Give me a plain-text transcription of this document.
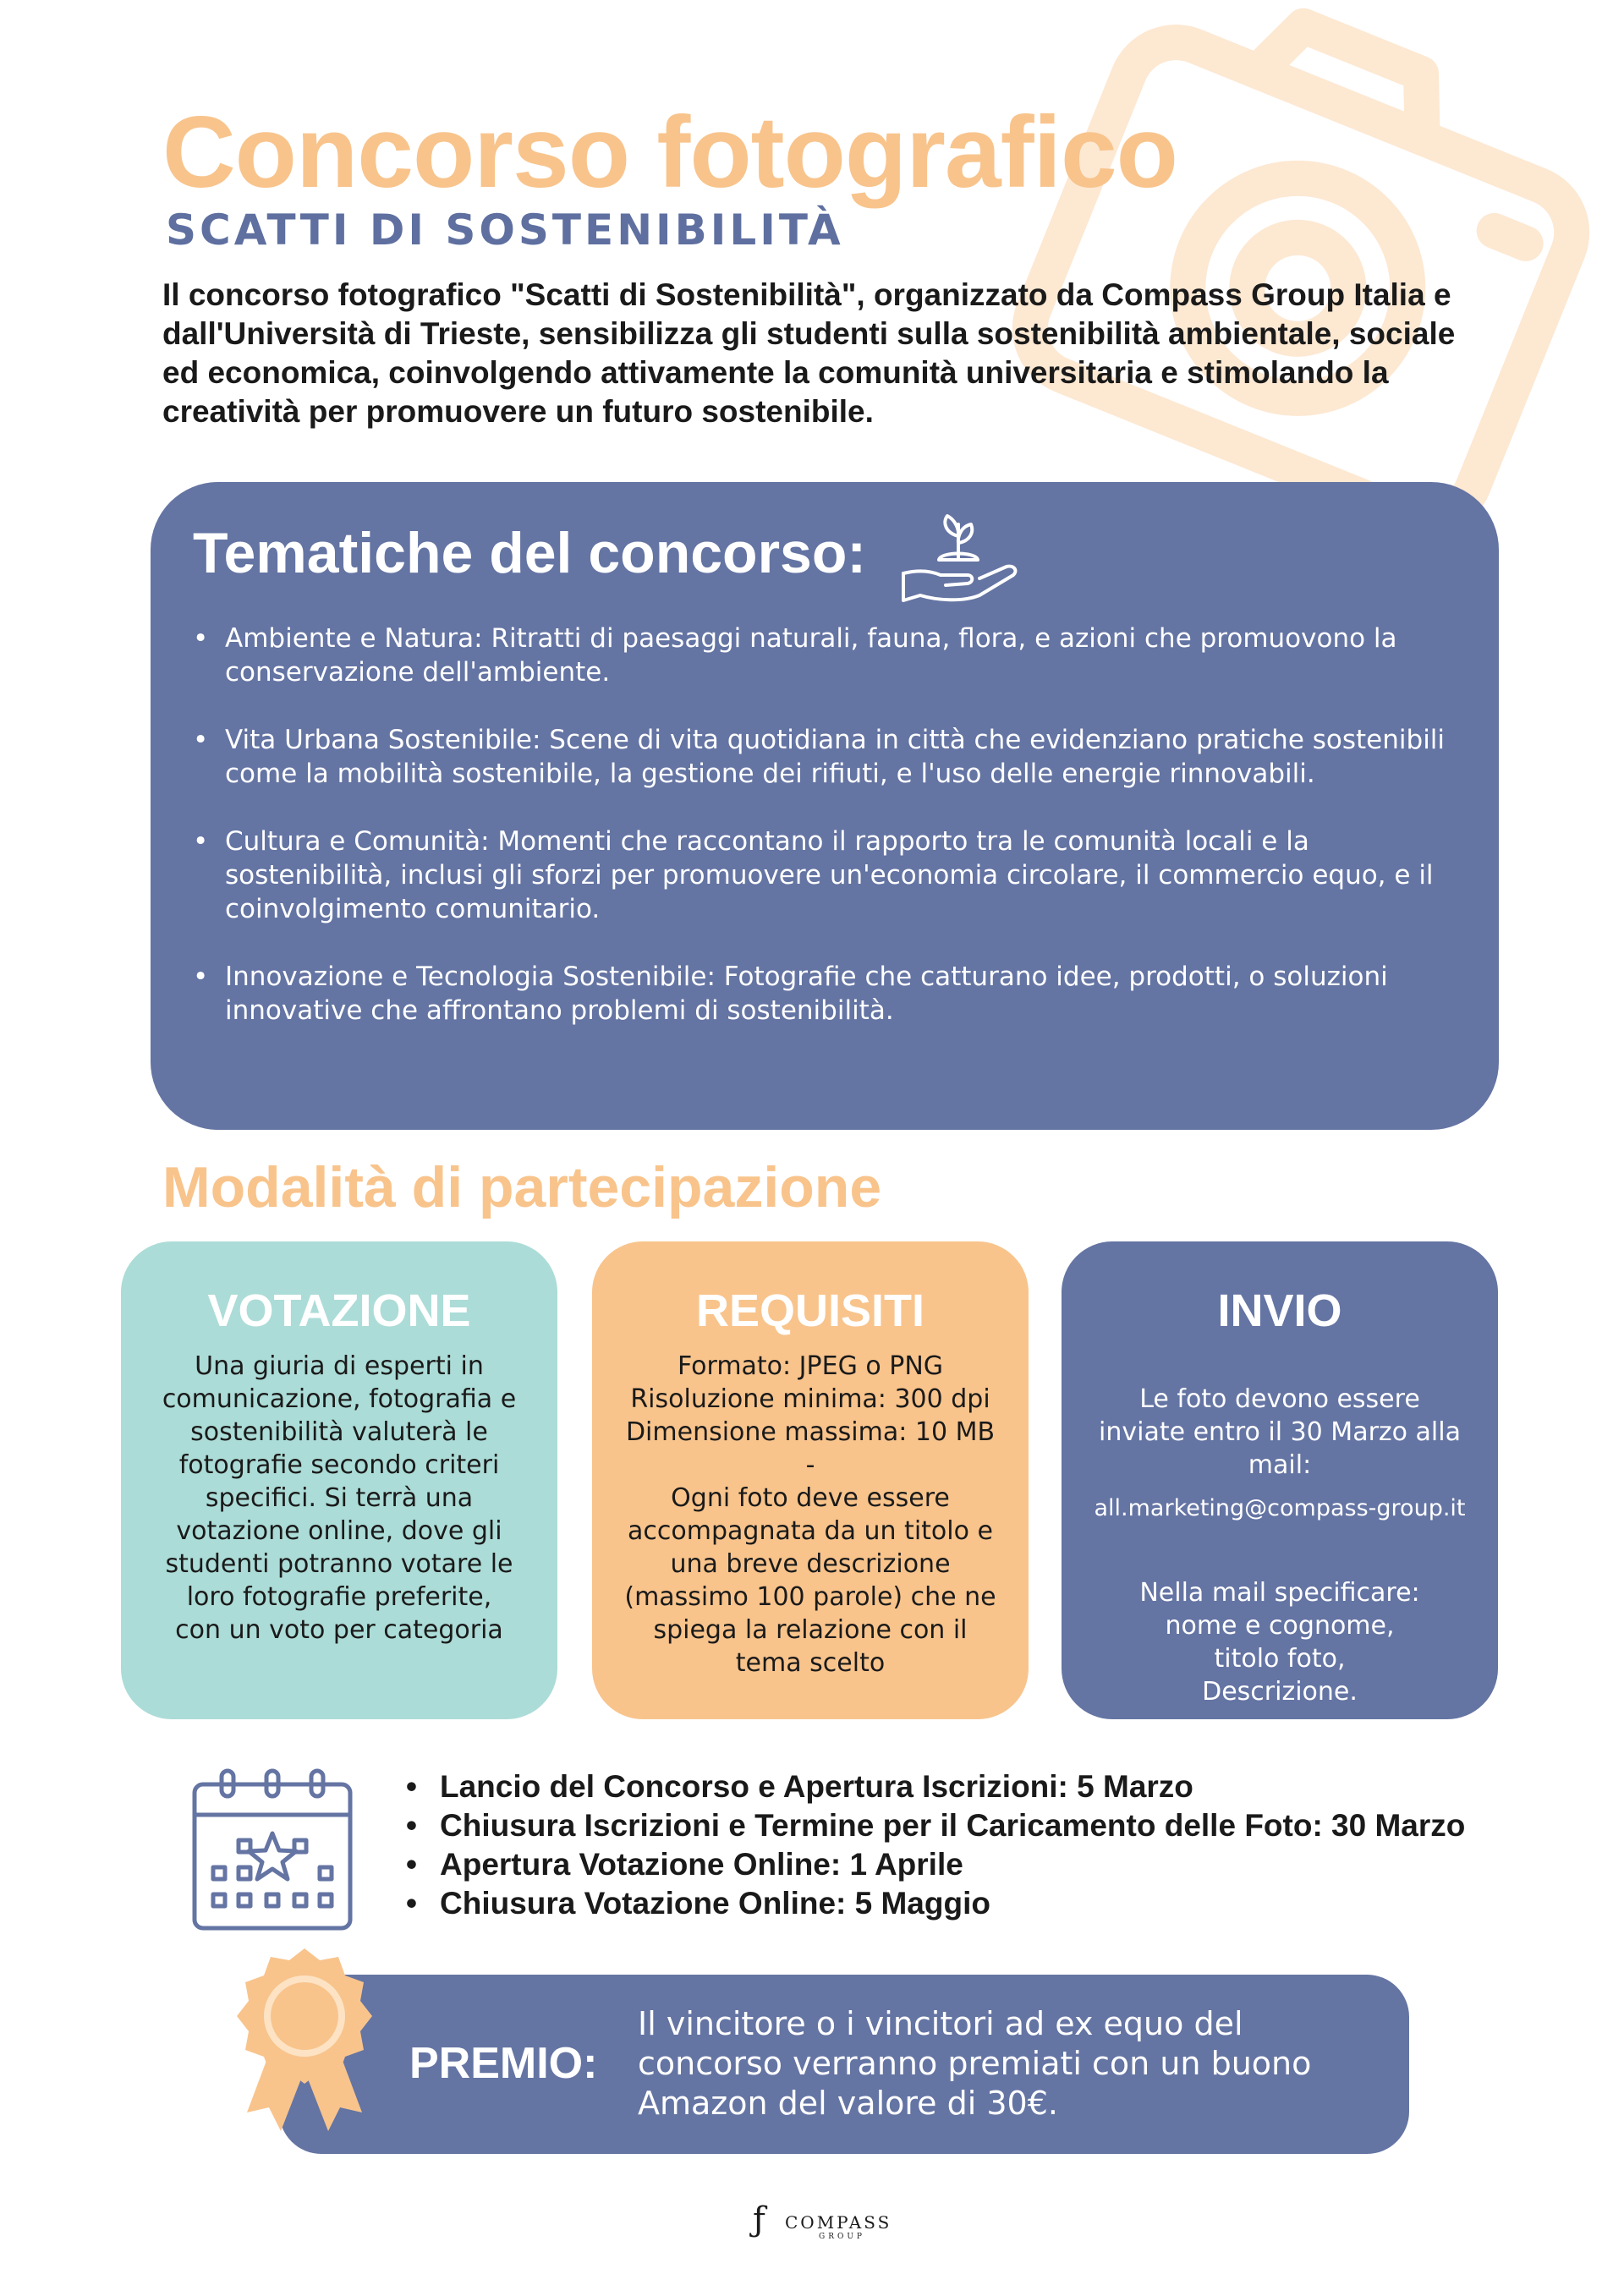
Concorso fotografico
SCATTI DI SOSTENIBILITÀ

Il concorso fotografico "Scatti di Sostenibilità", organizzato da Compass Group Italia e dall'Università di Trieste, sensibilizza gli studenti sulla sostenibilità ambientale, sociale ed economica, coinvolgendo attivamente la comunità universitaria e stimolando la creatività per promuovere un futuro sostenibile.

Tematiche del concorso:
• Ambiente e Natura: Ritratti di paesaggi naturali, fauna, flora, e azioni che promuovono la conservazione dell'ambiente.
• Vita Urbana Sostenibile: Scene di vita quotidiana in città che evidenziano pratiche sostenibili come la mobilità sostenibile, la gestione dei rifiuti, e l'uso delle energie rinnovabili.
• Cultura e Comunità: Momenti che raccontano il rapporto tra le comunità locali e la sostenibilità, inclusi gli sforzi per promuovere un'economia circolare, il commercio equo, e il coinvolgimento comunitario.
• Innovazione e Tecnologia Sostenibile: Fotografie che catturano idee, prodotti, o soluzioni innovative che affrontano problemi di sostenibilità.
Modalità di partecipazione
VOTAZIONE
Una giuria di esperti in
comunicazione, fotografia e
sostenibilità valuterà le
fotografie secondo criteri
specifici. Si terrà una
votazione online, dove gli
studenti potranno votare le
loro fotografie preferite,
con un voto per categoria
REQUISITI
Formato: JPEG o PNG
Risoluzione minima: 300 dpi
Dimensione massima: 10 MB
-
Ogni foto deve essere
accompagnata da un titolo e
una breve descrizione
(massimo 100 parole) che ne
spiega la relazione con il
tema scelto
INVIO

Le foto devono essere
inviate entro il 30 Marzo alla
mail:

all.marketing@compass-group.it

Nella mail specificare:
nome e cognome,
titolo foto,
Descrizione.

• Lancio del Concorso e Apertura Iscrizioni: 5 Marzo
• Chiusura Iscrizioni e Termine per il Caricamento delle Foto: 30 Marzo
• Apertura Votazione Online: 1 Aprile
• Chiusura Votazione Online: 5 Maggio
PREMIO:
Il vincitore o i vincitori ad ex equo del concorso verranno premiati con un buono Amazon del valore di 30€.
ƒ COMPASS
GROUP
